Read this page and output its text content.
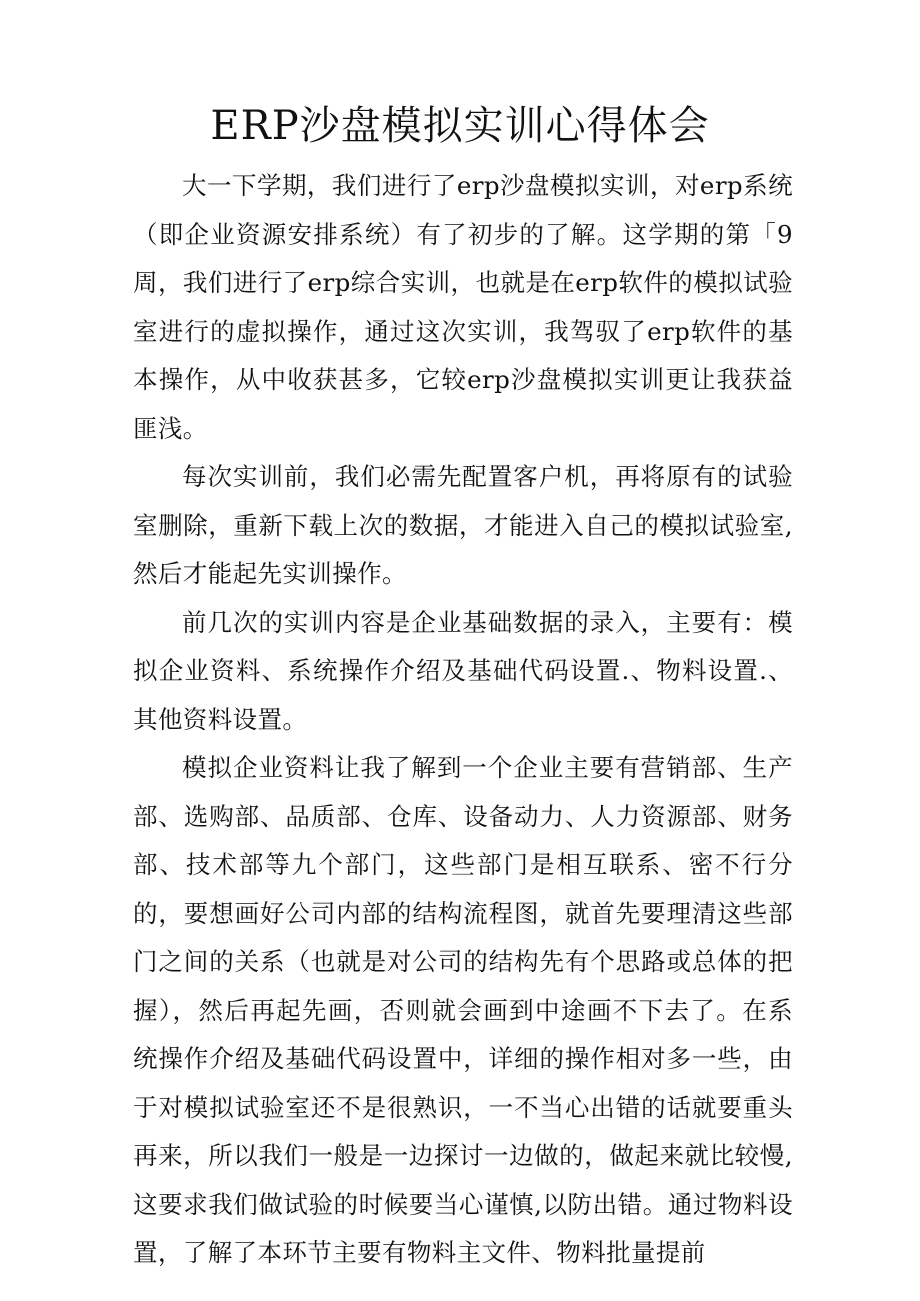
ERP沙盘模拟实训心得体会

大一下学期，我们进行了erp沙盘模拟实训，对erp系统（即企业资源安排系统）有了初步的了解。这学期的第「9周，我们进行了erp综合实训，也就是在erp软件的模拟试验室进行的虚拟操作，通过这次实训，我驾驭了erp软件的基本操作，从中收获甚多，它较erp沙盘模拟实训更让我获益匪浅。

每次实训前，我们必需先配置客户机，再将原有的试验室删除，重新下载上次的数据，才能进入自己的模拟试验室,然后才能起先实训操作。

前几次的实训内容是企业基础数据的录入，主要有：模拟企业资料、系统操作介绍及基础代码设置.、物料设置.、其他资料设置。

模拟企业资料让我了解到一个企业主要有营销部、生产部、选购部、品质部、仓库、设备动力、人力资源部、财务部、技术部等九个部门，这些部门是相互联系、密不行分的，要想画好公司内部的结构流程图，就首先要理清这些部门之间的关系（也就是对公司的结构先有个思路或总体的把握），然后再起先画，否则就会画到中途画不下去了。在系统操作介绍及基础代码设置中，详细的操作相对多一些，由于对模拟试验室还不是很熟识，一不当心出错的话就要重头再来，所以我们一般是一边探讨一边做的，做起来就比较慢,这要求我们做试验的时候要当心谨慎,以防出错。通过物料设置，了解了本环节主要有物料主文件、物料批量提前
